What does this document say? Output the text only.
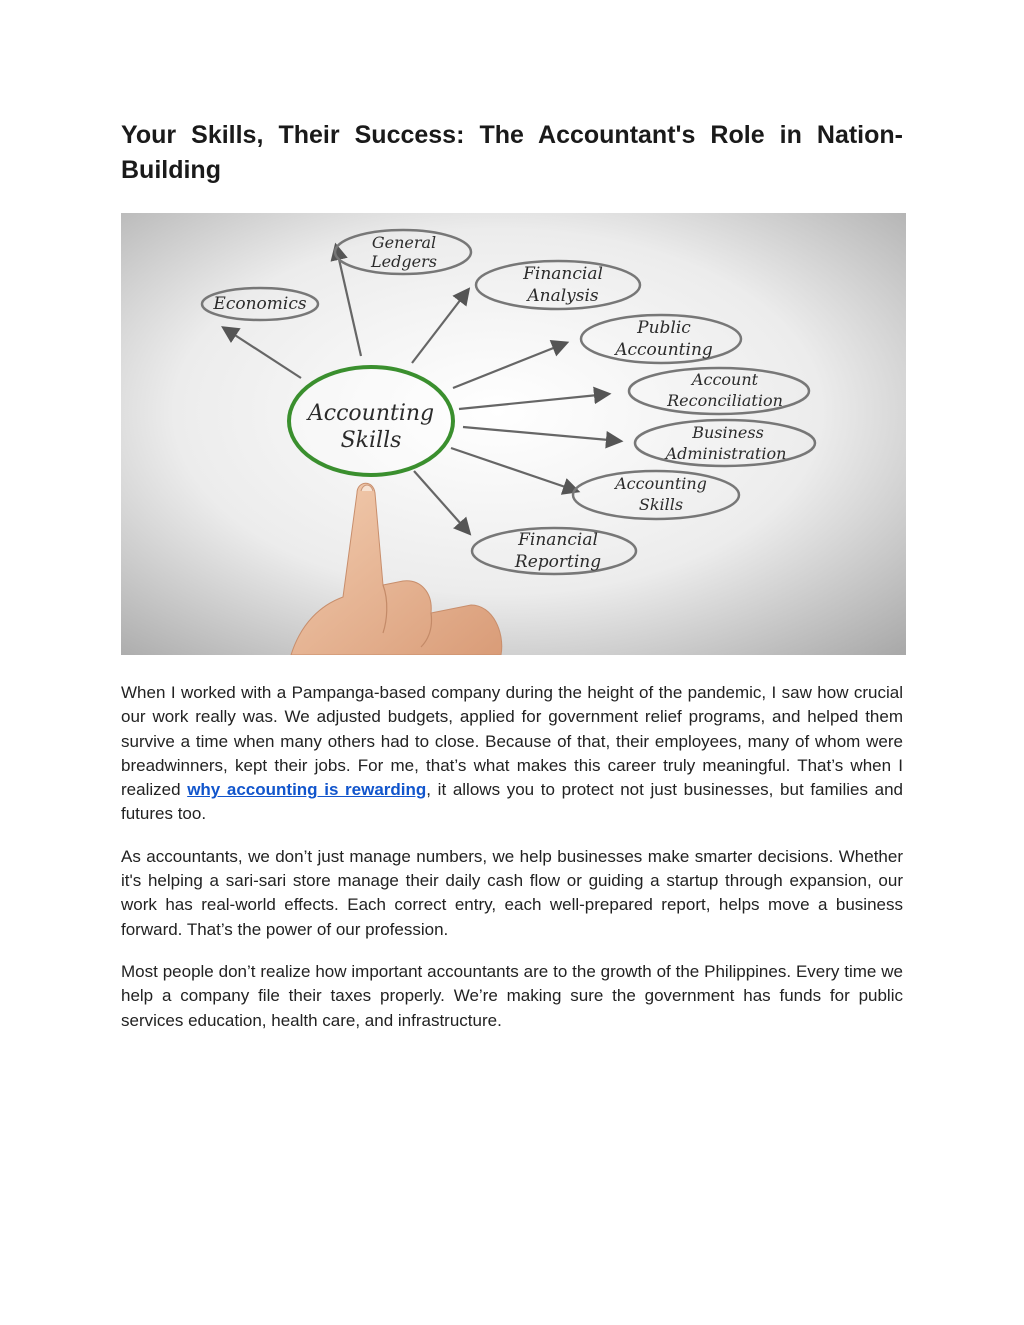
Your Skills, Their Success: The Accountant's Role in Nation-Building
Economics
General
Ledgers
Financial
Analysis
Public
Accounting
Account
Reconciliation
Business
Administration
Accounting
Skills
Financial
Reporting
Accounting
Skills

When I worked with a Pampanga-based company during the height of the pandemic, I saw how crucial our work really was. We adjusted budgets, applied for government relief programs, and helped them survive a time when many others had to close. Because of that, their employees, many of whom were breadwinners, kept their jobs. For me, that’s what makes this career truly meaningful. That’s when I realized why accounting is rewarding, it allows you to protect not just businesses, but families and futures too.

As accountants, we don’t just manage numbers, we help businesses make smarter decisions. Whether it's helping a sari-sari store manage their daily cash flow or guiding a startup through expansion, our work has real-world effects. Each correct entry, each well-prepared report, helps move a business forward. That’s the power of our profession.

Most people don’t realize how important accountants are to the growth of the Philippines. Every time we help a company file their taxes properly. We’re making sure the government has funds for public services education, health care, and infrastructure.
